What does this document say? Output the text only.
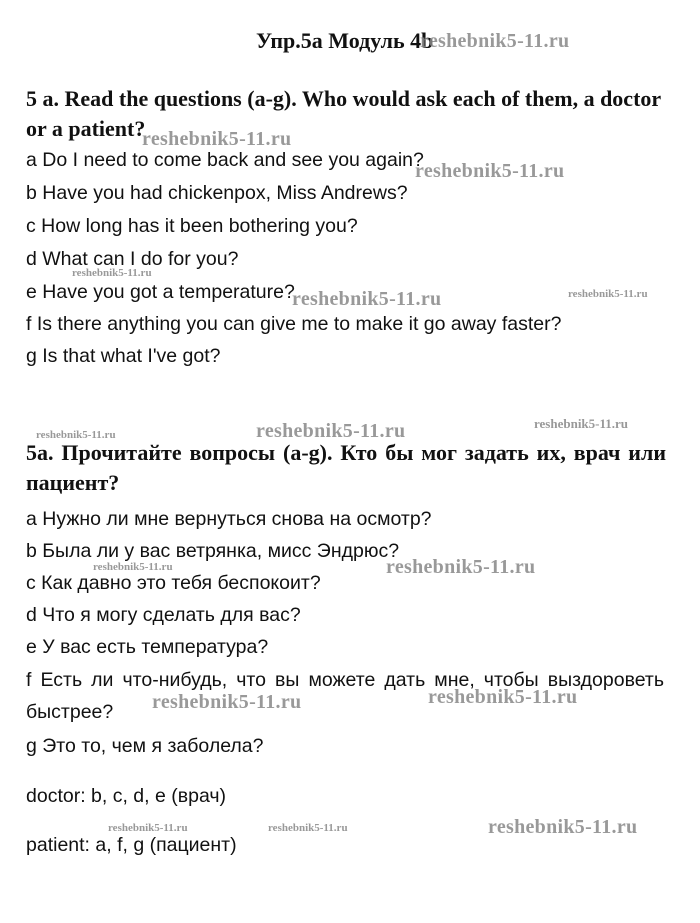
Упр.5а Модуль 4b
5 a. Read the questions (a-g). Who would ask each of them, a doctor or a patient?
a Do I need to come back and see you again?
b Have you had chickenpox, Miss Andrews?
c How long has it been bothering you?
d What can I do for you?
e Have you got a temperature?
f Is there anything you can give me to make it go away faster?
g Is that what I've got?
5a. Прочитайте вопросы (a-g). Кто бы мог задать их, врач или пациент?
a Нужно ли мне вернуться снова на осмотр?
b Была ли у вас ветрянка, мисс Эндрюс?
c Как давно это тебя беспокоит?
d Что я могу сделать для вас?
e У вас есть температура?
f Есть ли что-нибудь, что вы можете дать мне, чтобы выздороветь быстрее?
g Это то, чем я заболела?
doctor: b, c, d, e (врач)
patient: a, f, g (пациент)
reshebnik5-11.ru
reshebnik5-11.ru
reshebnik5-11.ru
reshebnik5-11.ru
reshebnik5-11.ru	reshebnik5-11.ru
reshebnik5-11.ru
reshebnik5-11.ru	reshebnik5-11.ru
reshebnik5-11.ru	reshebnik5-11.ru
reshebnik5-11.ru	reshebnik5-11.ru
reshebnik5-11.ru	reshebnik5-11.ru	reshebnik5-11.ru
